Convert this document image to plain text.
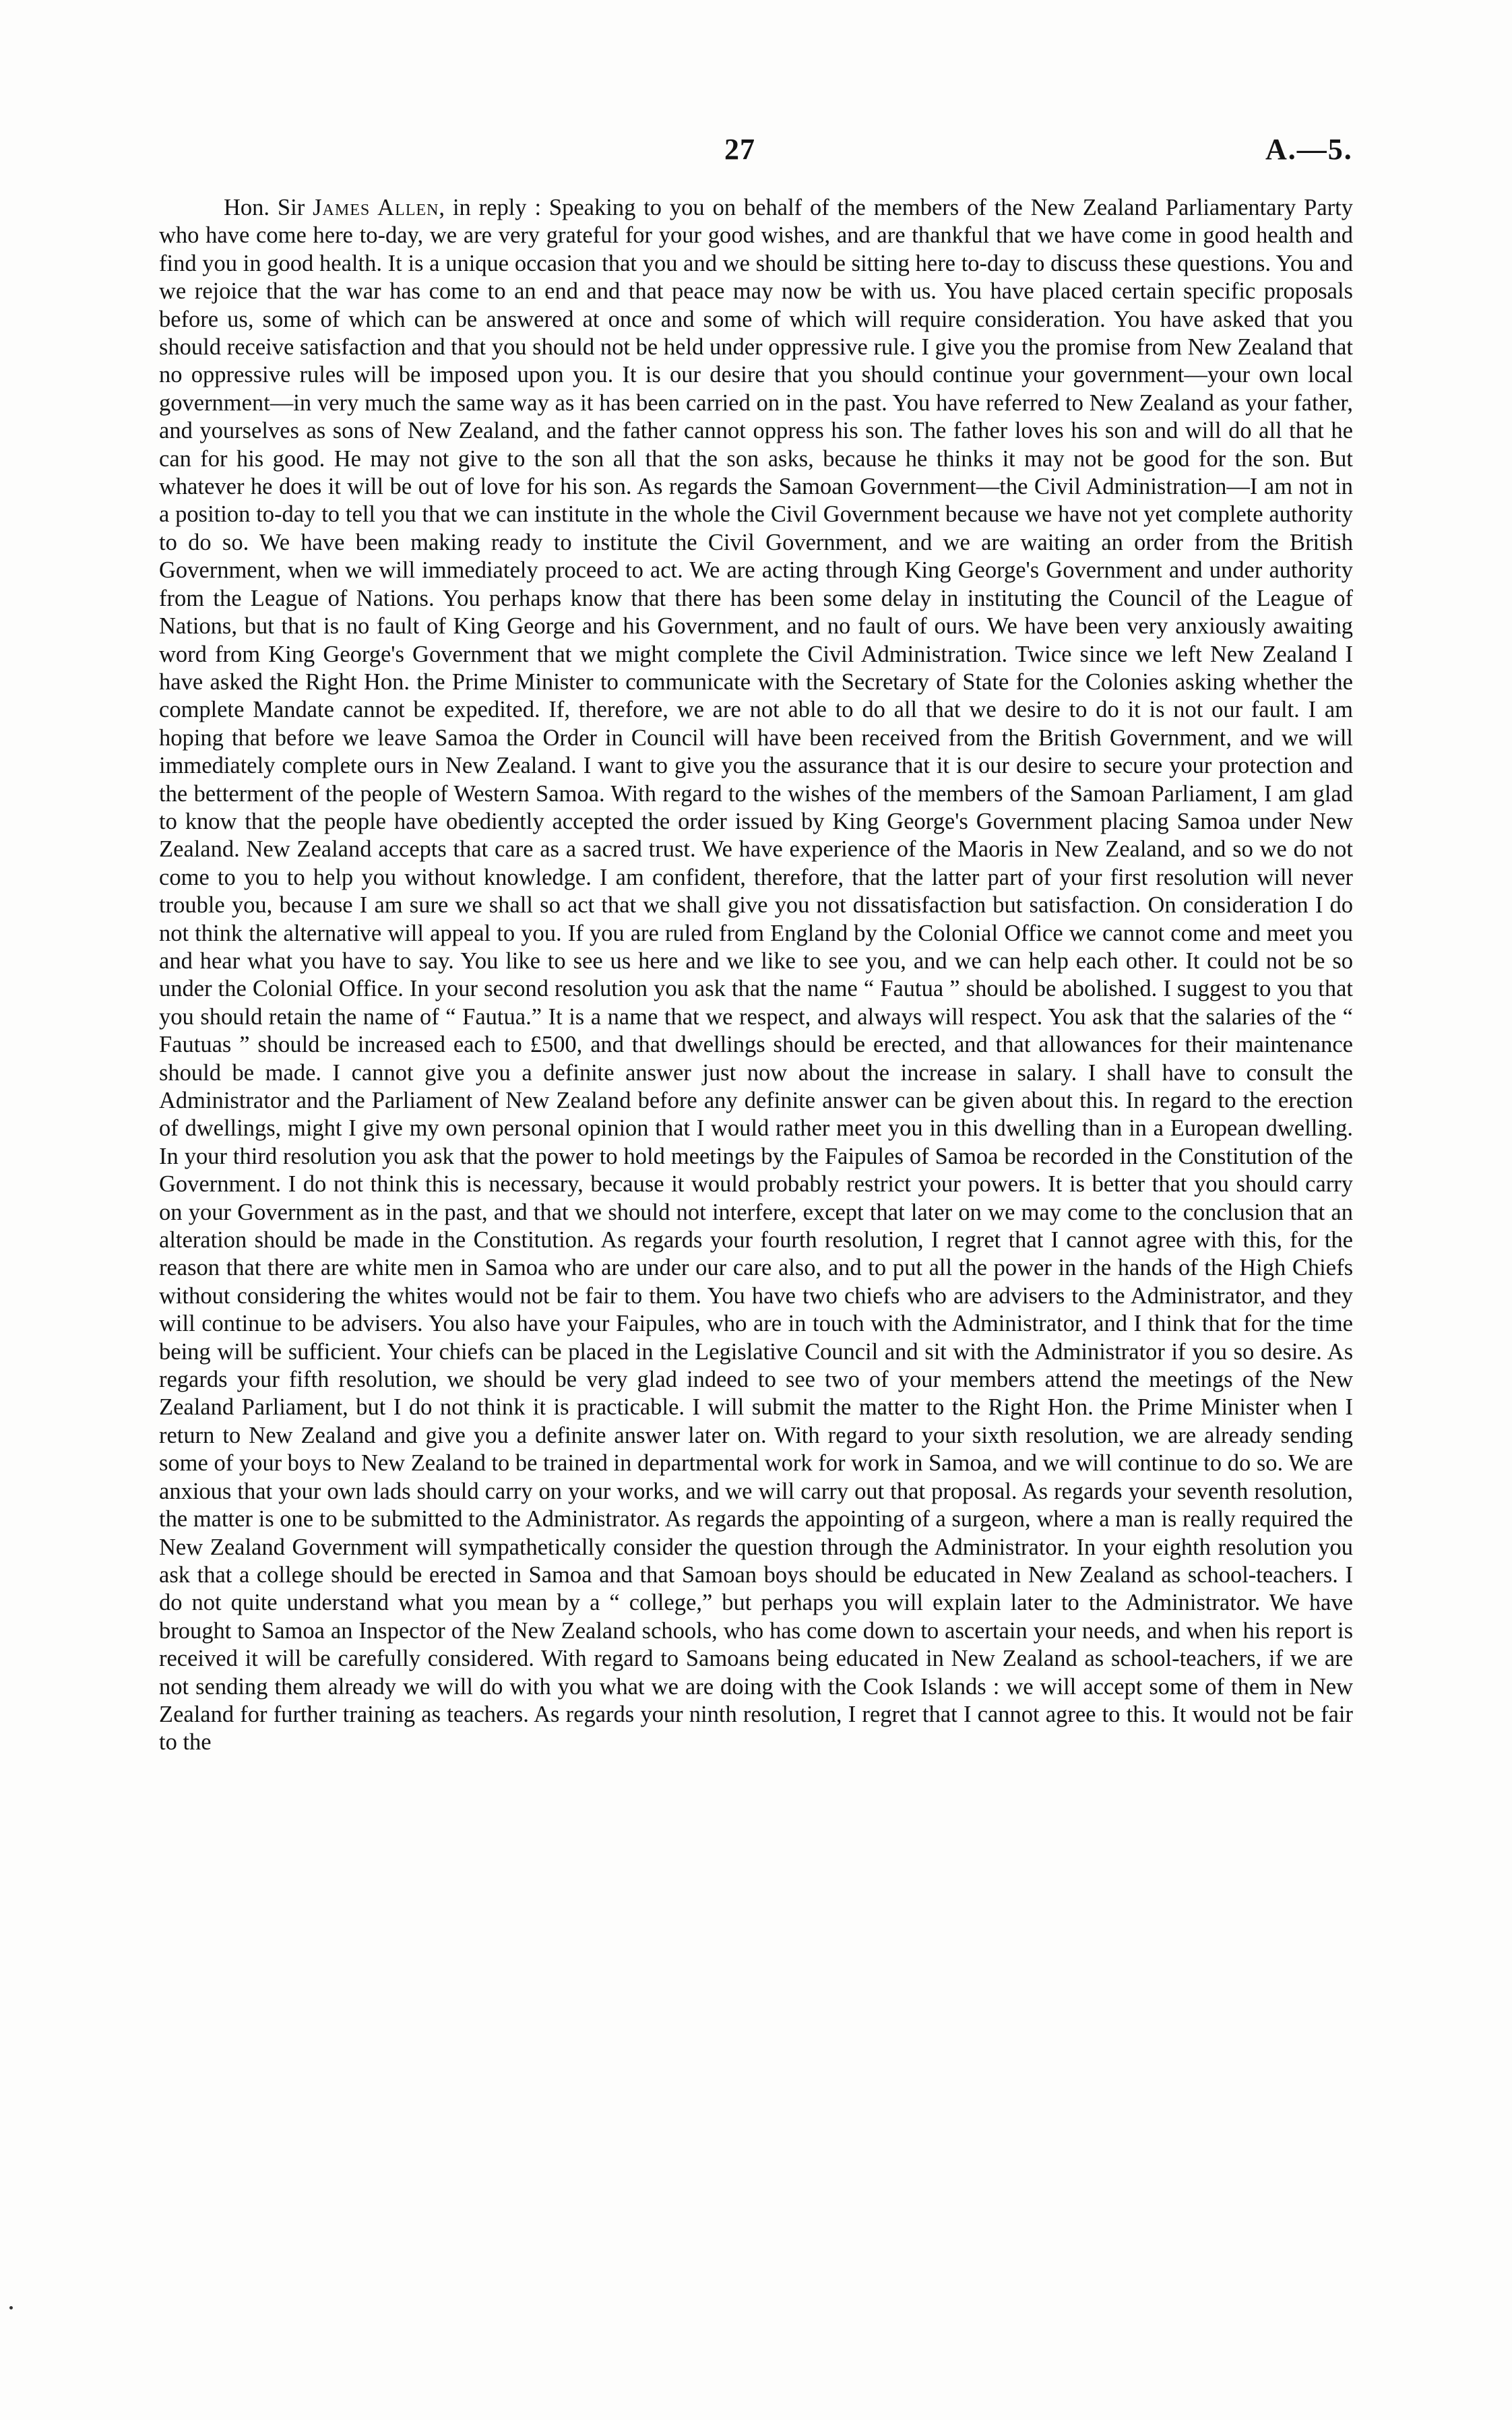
27	A.—5.

Hon. Sir James Allen, in reply : Speaking to you on behalf of the members of the New Zealand Parliamentary Party who have come here to-day, we are very grateful for your good wishes, and are thankful that we have come in good health and find you in good health. It is a unique occasion that you and we should be sitting here to-day to discuss these questions. You and we rejoice that the war has come to an end and that peace may now be with us. You have placed certain specific proposals before us, some of which can be answered at once and some of which will require consideration. You have asked that you should receive satisfaction and that you should not be held under oppressive rule. I give you the promise from New Zealand that no oppressive rules will be imposed upon you. It is our desire that you should continue your government—your own local government—in very much the same way as it has been carried on in the past. You have referred to New Zealand as your father, and yourselves as sons of New Zealand, and the father cannot oppress his son. The father loves his son and will do all that he can for his good. He may not give to the son all that the son asks, because he thinks it may not be good for the son. But whatever he does it will be out of love for his son. As regards the Samoan Government—the Civil Administration—I am not in a position to-day to tell you that we can institute in the whole the Civil Government because we have not yet complete authority to do so. We have been making ready to institute the Civil Government, and we are waiting an order from the British Government, when we will immediately proceed to act. We are acting through King George's Government and under authority from the League of Nations. You perhaps know that there has been some delay in instituting the Council of the League of Nations, but that is no fault of King George and his Government, and no fault of ours. We have been very anxiously awaiting word from King George's Government that we might complete the Civil Administration. Twice since we left New Zealand I have asked the Right Hon. the Prime Minister to communicate with the Secretary of State for the Colonies asking whether the complete Mandate cannot be expedited. If, therefore, we are not able to do all that we desire to do it is not our fault. I am hoping that before we leave Samoa the Order in Council will have been received from the British Government, and we will immediately complete ours in New Zealand. I want to give you the assurance that it is our desire to secure your protection and the betterment of the people of Western Samoa. With regard to the wishes of the members of the Samoan Parliament, I am glad to know that the people have obediently accepted the order issued by King George's Government placing Samoa under New Zealand. New Zealand accepts that care as a sacred trust. We have experience of the Maoris in New Zealand, and so we do not come to you to help you without knowledge. I am confident, therefore, that the latter part of your first resolution will never trouble you, because I am sure we shall so act that we shall give you not dissatisfaction but satisfaction. On consideration I do not think the alternative will appeal to you. If you are ruled from England by the Colonial Office we cannot come and meet you and hear what you have to say. You like to see us here and we like to see you, and we can help each other. It could not be so under the Colonial Office. In your second resolution you ask that the name “ Fautua ” should be abolished. I suggest to you that you should retain the name of “ Fautua.” It is a name that we respect, and always will respect. You ask that the salaries of the “ Fautuas ” should be increased each to £500, and that dwellings should be erected, and that allowances for their maintenance should be made. I cannot give you a definite answer just now about the increase in salary. I shall have to consult the Administrator and the Parliament of New Zealand before any definite answer can be given about this. In regard to the erection of dwellings, might I give my own personal opinion that I would rather meet you in this dwelling than in a European dwelling. In your third resolution you ask that the power to hold meetings by the Faipules of Samoa be recorded in the Constitution of the Government. I do not think this is necessary, because it would probably restrict your powers. It is better that you should carry on your Government as in the past, and that we should not interfere, except that later on we may come to the conclusion that an alteration should be made in the Constitution. As regards your fourth resolution, I regret that I cannot agree with this, for the reason that there are white men in Samoa who are under our care also, and to put all the power in the hands of the High Chiefs without considering the whites would not be fair to them. You have two chiefs who are advisers to the Administrator, and they will continue to be advisers. You also have your Faipules, who are in touch with the Administrator, and I think that for the time being will be sufficient. Your chiefs can be placed in the Legislative Council and sit with the Administrator if you so desire. As regards your fifth resolution, we should be very glad indeed to see two of your members attend the meetings of the New Zealand Parliament, but I do not think it is practicable. I will submit the matter to the Right Hon. the Prime Minister when I return to New Zealand and give you a definite answer later on. With regard to your sixth resolution, we are already sending some of your boys to New Zealand to be trained in departmental work for work in Samoa, and we will continue to do so. We are anxious that your own lads should carry on your works, and we will carry out that proposal. As regards your seventh resolution, the matter is one to be submitted to the Administrator. As regards the appointing of a surgeon, where a man is really required the New Zealand Government will sympathetically consider the question through the Administrator. In your eighth resolution you ask that a college should be erected in Samoa and that Samoan boys should be educated in New Zealand as school-teachers. I do not quite understand what you mean by a “ college,” but perhaps you will explain later to the Administrator. We have brought to Samoa an Inspector of the New Zealand schools, who has come down to ascertain your needs, and when his report is received it will be carefully considered. With regard to Samoans being educated in New Zealand as school-teachers, if we are not sending them already we will do with you what we are doing with the Cook Islands : we will accept some of them in New Zealand for further training as teachers. As regards your ninth resolution, I regret that I cannot agree to this. It would not be fair to the
